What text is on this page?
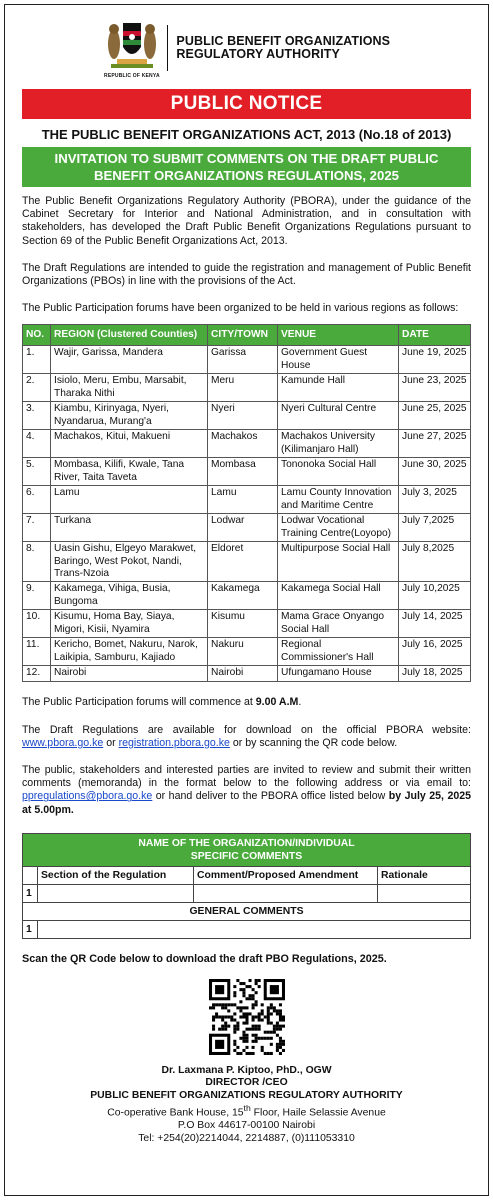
REPUBLIC OF KENYA
PUBLIC BENEFIT ORGANIZATIONS
REGULATORY AUTHORITY
PUBLIC NOTICE
THE PUBLIC BENEFIT ORGANIZATIONS ACT, 2013 (No.18 of 2013)
INVITATION TO SUBMIT COMMENTS ON THE DRAFT PUBLIC BENEFIT ORGANIZATIONS REGULATIONS, 2025

The Public Benefit Organizations Regulatory Authority (PBORA), under the guidance of the Cabinet Secretary for Interior and National Administration, and in consultation with stakeholders, has developed the Draft Public Benefit Organizations Regulations pursuant to Section 69 of the Public Benefit Organizations Act, 2013.

The Draft Regulations are intended to guide the registration and management of Public Benefit Organizations (PBOs) in line with the provisions of the Act.

The Public Participation forums have been organized to be held in various regions as follows:

NO.	REGION (Clustered Counties)	CITY/TOWN	VENUE	DATE
1.	Wajir, Garissa, Mandera	Garissa	Government Guest House	June 19, 2025
2.	Isiolo, Meru, Embu, Marsabit, Tharaka Nithi	Meru	Kamunde Hall	June 23, 2025
3.	Kiambu, Kirinyaga, Nyeri, Nyandarua, Murang'a	Nyeri	Nyeri Cultural Centre	June 25, 2025
4.	Machakos, Kitui, Makueni	Machakos	Machakos University (Kilimanjaro Hall)	June 27, 2025
5.	Mombasa, Kilifi, Kwale, Tana River, Taita Taveta	Mombasa	Tononoka Social Hall	June 30, 2025
6.	Lamu	Lamu	Lamu County Innovation and Maritime Centre	July 3, 2025
7.	Turkana	Lodwar	Lodwar Vocational Training Centre(Loyopo)	July 7,2025
8.	Uasin Gishu, Elgeyo Marakwet, Baringo, West Pokot, Nandi, Trans-Nzoia	Eldoret	Multipurpose Social Hall	July 8,2025
9.	Kakamega, Vihiga, Busia, Bungoma	Kakamega	Kakamega Social Hall	July 10,2025
10.	Kisumu, Homa Bay, Siaya, Migori, Kisii, Nyamira	Kisumu	Mama Grace Onyango Social Hall	July 14, 2025
11.	Kericho, Bomet, Nakuru, Narok, Laikipia, Samburu, Kajiado	Nakuru	Regional Commissioner's Hall	July 16, 2025
12.	Nairobi	Nairobi	Ufungamano House	July 18, 2025

The Public Participation forums will commence at 9.00 A.M.

The Draft Regulations are available for download on the official PBORA website: www.pbora.go.ke or registration.pbora.go.ke or by scanning the QR code below.

The public, stakeholders and interested parties are invited to review and submit their written comments (memoranda) in the format below to the following address or via email to: ppregulations@pbora.go.ke or hand deliver to the PBORA office listed below by July 25, 2025 at 5.00pm.

NAME OF THE ORGANIZATION/INDIVIDUAL
SPECIFIC COMMENTS			

	Section of the Regulation	Comment/Proposed Amendment	Rationale
1			
GENERAL COMMENTS			
1			
Scan the QR Code below to download the draft PBO Regulations, 2025.
Dr. Laxmana P. Kiptoo, PhD., OGW
DIRECTOR /CEO
PUBLIC BENEFIT ORGANIZATIONS REGULATORY AUTHORITY
Co-operative Bank House, 15th Floor, Haile Selassie Avenue
P.O Box 44617-00100 Nairobi
Tel: +254(20)2214044, 2214887, (0)111053310
